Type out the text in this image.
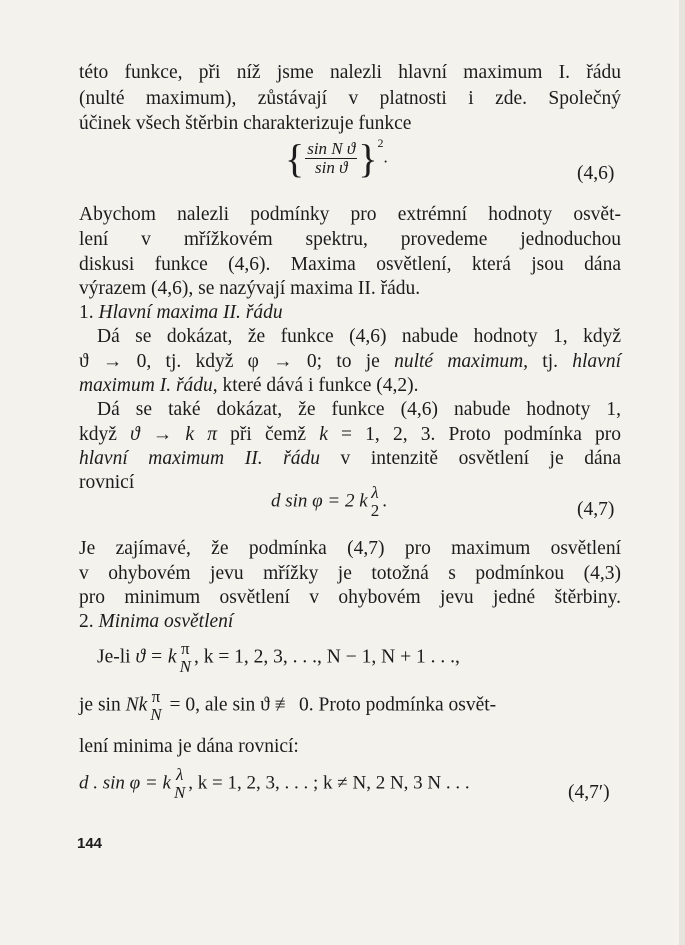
této funkce, při níž jsme nalezli hlavní maximum I. řádu
(nulté maximum), zůstávají v platnosti i zde. Společný
účinek všech štěrbin charakterizuje funkce
{ $\frac{\text{sin N ϑ}}{\text{sin ϑ}} \}^2$.
(4,6)
Abychom nalezli podmínky pro extrémní hodnoty osvět-
lení v mřížkovém spektru, provedeme jednoduchou
diskusi funkce (4,6). Maxima osvětlení, která jsou dána
výrazem (4,6), se nazývají maxima II. řádu.
1. Hlavní maxima II. řádu
Dá se dokázat, že funkce (4,6) nabude hodnoty 1, když
ϑ → 0, tj. když φ → 0; to je nulté maximum, tj. hlavní
maximum I. řádu, které dává i funkce (4,2).
Dá se také dokázat, že funkce (4,6) nabude hodnoty 1,
když ϑ → k π při čemž k = 1, 2, 3. Proto podmínka pro
hlavní maximum II. řádu v intenzitě osvětlení je dána
rovnicí
d sin φ = 2 k λ
2 .	(4,7)
Je zajímavé, že podmínka (4,7) pro maximum osvětlení
v ohybovém jevu mřížky je totožná s podmínkou (4,3)
pro minimum osvětlení v ohybovém jevu jedné štěrbiny.
2. Minima osvětlení
Je-li ϑ = k π
N , k = 1, 2, 3, . . ., N − 1, N + 1 . . .,
je sin Nk π
N = 0, ale sin ϑ ≢ 0. Proto podmínka osvět-
lení minima je dána rovnicí:
d . sin φ = k λ
N , k = 1, 2, 3, . . . ; k ≠ N, 2 N, 3 N . . .	(4,7′)
144
